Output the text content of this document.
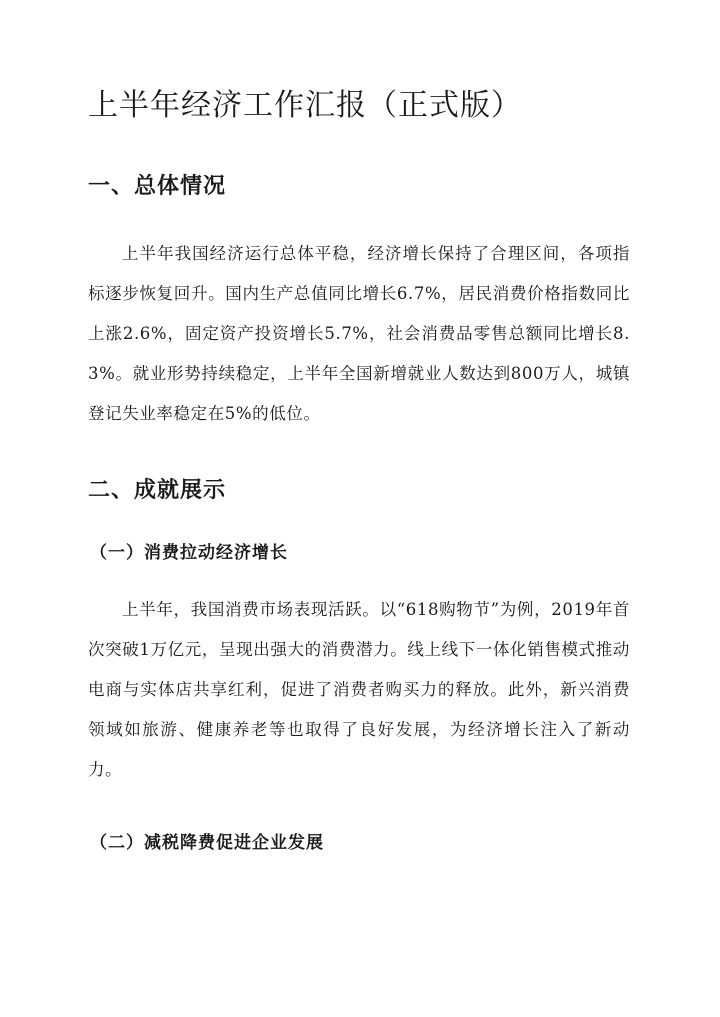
上半年经济工作汇报（正式版）
一、总体情况

上半年我国经济运行总体平稳，经济增长保持了合理区间，各项指标逐步恢复回升。国内生产总值同比增长6.7%，居民消费价格指数同比上涨2.6%，固定资产投资增长5.7%，社会消费品零售总额同比增长8.3%。就业形势持续稳定，上半年全国新增就业人数达到800万人，城镇登记失业率稳定在5%的低位。

二、成就展示
（一）消费拉动经济增长

上半年，我国消费市场表现活跃。以“618购物节”为例，2019年首次突破1万亿元，呈现出强大的消费潜力。线上线下一体化销售模式推动电商与实体店共享红利，促进了消费者购买力的释放。此外，新兴消费领域如旅游、健康养老等也取得了良好发展，为经济增长注入了新动力。

（二）减税降费促进企业发展
